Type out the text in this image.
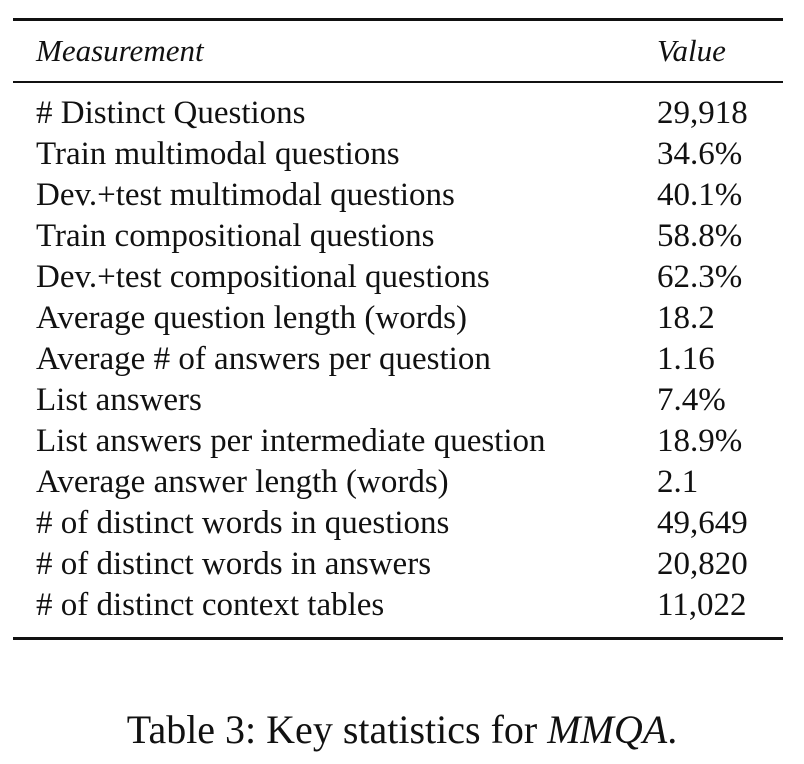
Measurement	Value
# Distinct Questions	29,918
Train multimodal questions	34.6%
Dev.+test multimodal questions	40.1%
Train compositional questions	58.8%
Dev.+test compositional questions	62.3%
Average question length (words)	18.2
Average # of answers per question	1.16
List answers	7.4%
List answers per intermediate question	18.9%
Average answer length (words)	2.1
# of distinct words in questions	49,649
# of distinct words in answers	20,820
# of distinct context tables	11,022
Table 3: Key statistics for MMQA.
